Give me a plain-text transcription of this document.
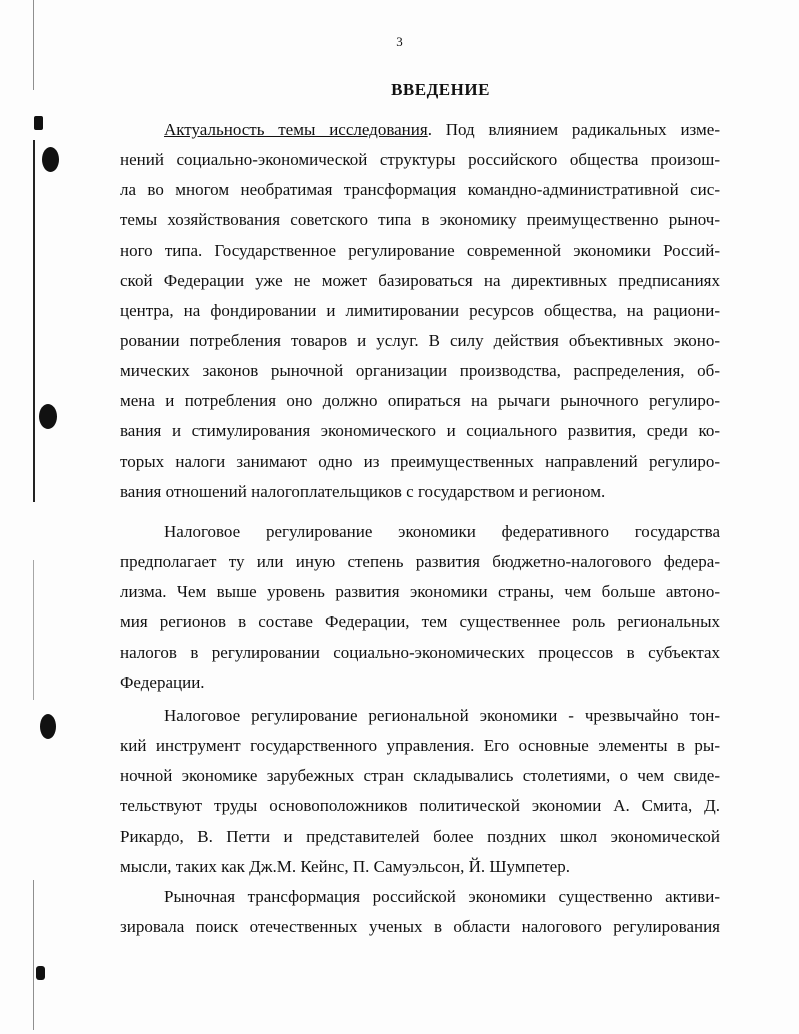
3
ВВЕДЕНИЕ
Актуальность темы исследования. Под влиянием радикальных изме-
нений социально-экономической структуры российского общества произош-
ла во многом необратимая трансформация командно-административной сис-
темы хозяйствования советского типа в экономику преимущественно рыноч-
ного типа. Государственное регулирование современной экономики Россий-
ской Федерации уже не может базироваться на директивных предписаниях
центра, на фондировании и лимитировании ресурсов общества, на рациони-
ровании потребления товаров и услуг. В силу действия объективных эконо-
мических законов рыночной организации производства, распределения, об-
мена и потребления оно должно опираться на рычаги рыночного регулиро-
вания и стимулирования экономического и социального развития, среди ко-
торых налоги занимают одно из преимущественных направлений регулиро-
вания отношений налогоплательщиков с государством и регионом.
Налоговое регулирование экономики федеративного государства
предполагает ту или иную степень развития бюджетно-налогового федера-
лизма. Чем выше уровень развития экономики страны, чем больше автоно-
мия регионов в составе Федерации, тем существеннее роль региональных
налогов в регулировании социально-экономических процессов в субъектах
Федерации.
Налоговое регулирование региональной экономики - чрезвычайно тон-
кий инструмент государственного управления. Его основные элементы в ры-
ночной экономике зарубежных стран складывались столетиями, о чем свиде-
тельствуют труды основоположников политической экономии А. Смита, Д.
Рикардо, В. Петти и представителей более поздних школ экономической
мысли, таких как Дж.М. Кейнс, П. Самуэльсон, Й. Шумпетер.
Рыночная трансформация российской экономики существенно активи-
зировала поиск отечественных ученых в области налогового регулирования
